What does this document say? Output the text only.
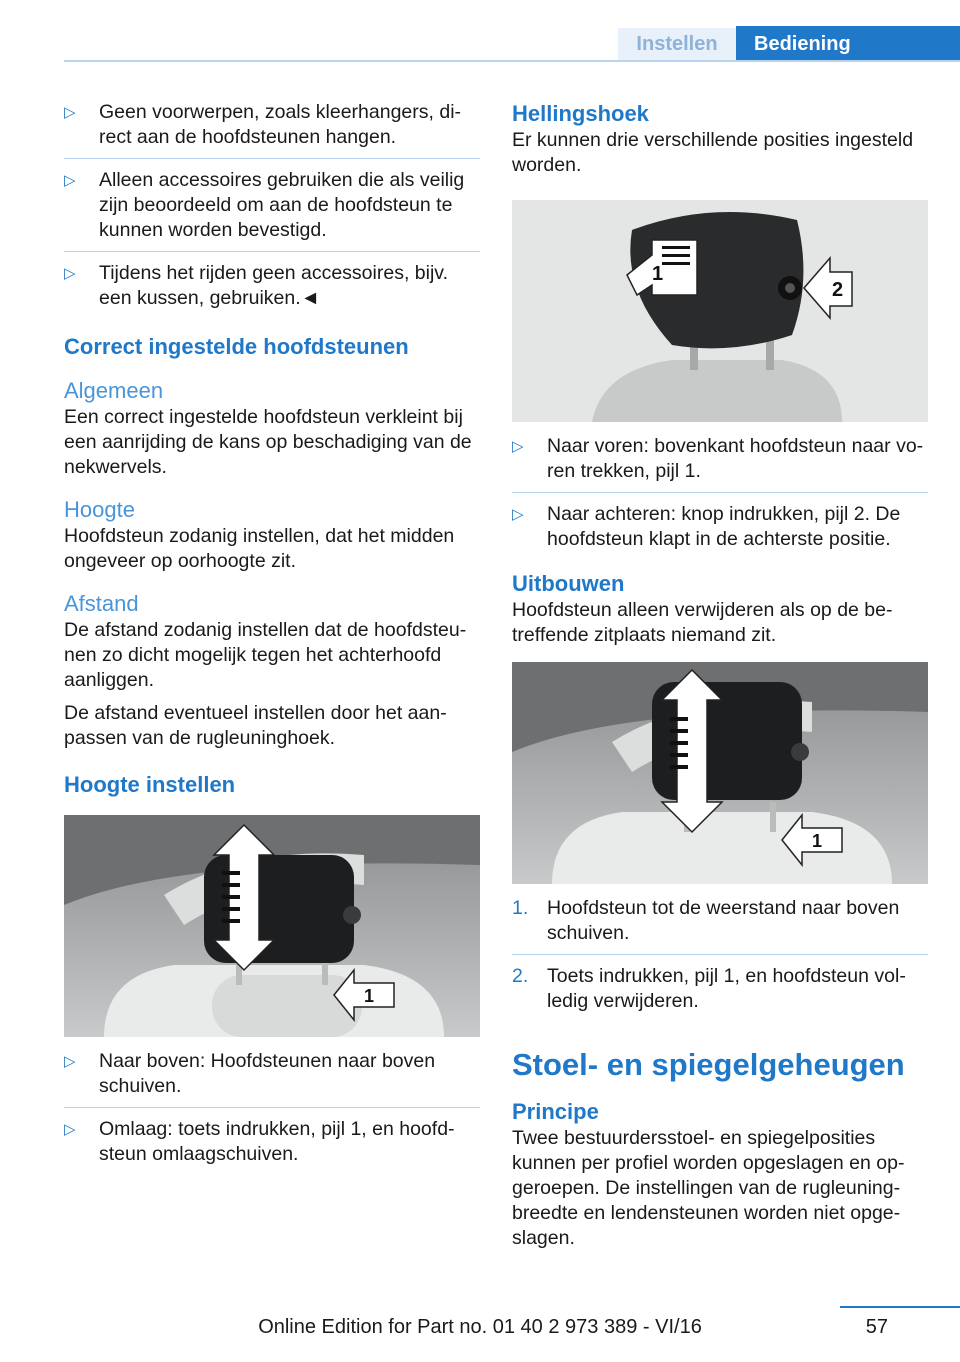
Instellen	Bediening
▷ Geen voorwerpen, zoals kleerhangers, direct aan de hoofdsteunen hangen.
▷ Alleen accessoires gebruiken die als veilig zijn beoordeeld om aan de hoofdsteun te kunnen worden bevestigd.
▷ Tijdens het rijden geen accessoires, bijv. een kussen, gebruiken.◄
Correct ingestelde hoofdsteunen
Algemeen

Een correct ingestelde hoofdsteun verkleint bij een aanrijding de kans op beschadiging van de nekwervels.

Hoogte

Hoofdsteun zodanig instellen, dat het midden ongeveer op oorhoogte zit.

Afstand

De afstand zodanig instellen dat de hoofdsteunen zo dicht mogelijk tegen het achterhoofd aanliggen.

De afstand eventueel instellen door het aanpassen van de rugleuninghoek.

Hoogte instellen
1
▷ Naar boven: Hoofdsteunen naar boven schuiven.
▷ Omlaag: toets indrukken, pijl 1, en hoofdsteun omlaagschuiven.
Hellingshoek

Er kunnen drie verschillende posities ingesteld worden.

1
2
▷ Naar voren: bovenkant hoofdsteun naar voren trekken, pijl 1.
▷ Naar achteren: knop indrukken, pijl 2. De hoofdsteun klapt in de achterste positie.
Uitbouwen

Hoofdsteun alleen verwijderen als op de betreffende zitplaats niemand zit.

1
1. Hoofdsteun tot de weerstand naar boven schuiven.
2. Toets indrukken, pijl 1, en hoofdsteun volledig verwijderen.
Stoel- en spiegelgeheugen
Principe

Twee bestuurdersstoel- en spiegelposities kunnen per profiel worden opgeslagen en opgeroepen. De instellingen van de rugleuningbreedte en lendensteunen worden niet opgeslagen.

Online Edition for Part no. 01 40 2 973 389 - VI/16	57
